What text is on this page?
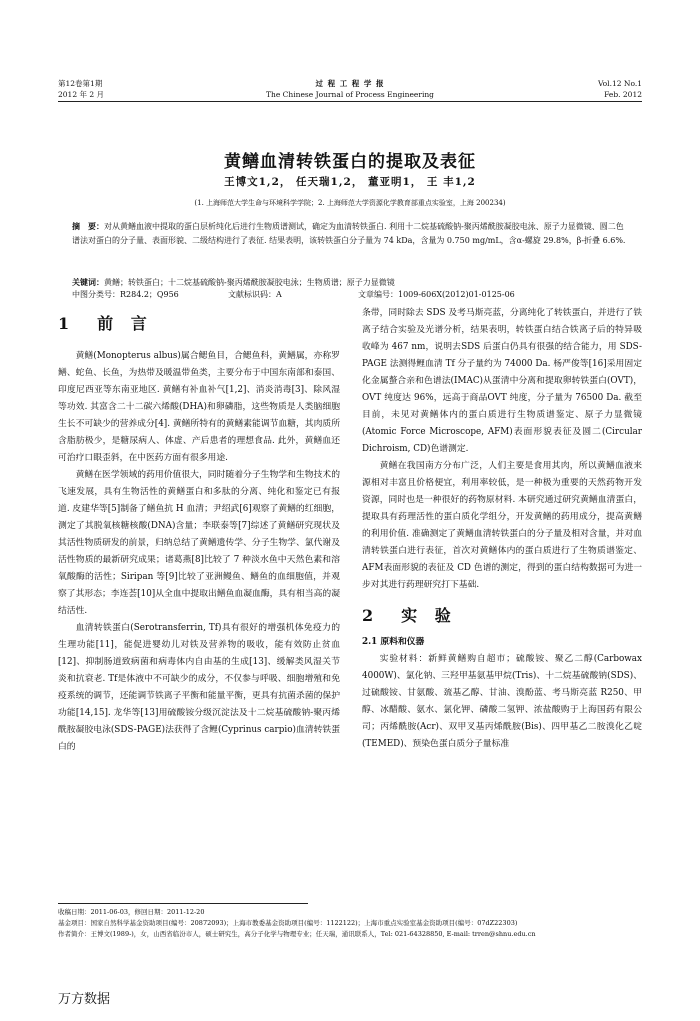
第12卷第1期
2012 年 2 月
过 程 工 程 学 报
The Chinese Journal of Process Engineering
Vol.12 No.1
Feb. 2012
黄鳝血清转铁蛋白的提取及表征
王博文1,2， 任天瑞1,2， 董亚明1， 王 丰1,2
(1. 上海师范大学生命与环境科学学院；2. 上海师范大学资源化学教育部重点实验室，上海 200234)
摘　要：对从黄鳝血液中提取的蛋白层析纯化后进行生物质谱测试，确定为血清转铁蛋白. 利用十二烷基硫酸钠-聚丙烯酰胺凝胶电泳、原子力显微镜、圆二色谱法对蛋白的分子量、表面形貌、二级结构进行了表征. 结果表明，该转铁蛋白分子量为 74 kDa，含量为 0.750 mg/mL，含α-螺旋 29.8%，β-折叠 6.6%.
关键词：黄鳝；转铁蛋白；十二烷基硫酸钠-聚丙烯酰胺凝胶电泳；生物质谱；原子力显微镜
中图分类号：R284.2；Q956	文献标识码：A	文章编号：1009-606X(2012)01-0125-06
1　前 言

黄鳝(Monopterus albus)属合鳃鱼目，合鳃鱼科，黄鳝属，亦称罗鳝、蛇鱼、长鱼，为热带及暖温带鱼类，主要分布于中国东南部和泰国、印度尼西亚等东南亚地区. 黄鳝有补血补气[1,2]、消炎消毒[3]、除风湿等功效. 其富含二十二碳六烯酸(DHA)和卵磷脂，这些物质是人类脑细胞生长不可缺少的营养成分[4]. 黄鳝所特有的黄鳝素能调节血糖，其肉质所含脂肪极少，是糖尿病人、体虚、产后患者的理想食品. 此外，黄鳝血还可治疗口眼歪斜，在中医药方面有很多用途.

黄鳝在医学领域的药用价值很大，同时随着分子生物学和生物技术的飞速发展，具有生物活性的黄鳝蛋白和多肽的分离、纯化和鉴定已有报道. 皮建华等[5]制备了鳝鱼抗 H 血清；尹绍武[6]观察了黄鳝的红细胞，测定了其脱氧核糖核酸(DNA)含量；李联泰等[7]综述了黄鳝研究现状及其活性物质研发的前景，归纳总结了黄鳝遗传学、分子生物学、氯代谢及活性物质的最新研究成果；诸葛燕[8]比较了 7 种淡水鱼中天然色素和溶氧酸酶的活性；Siripan 等[9]比较了亚洲鳗鱼、鳝鱼的血细胞值，并观察了其形态；李连荟[10]从全血中提取出鳝鱼血凝血酶，具有相当高的凝结活性.

血清转铁蛋白(Serotransferrin, Tf)具有很好的增强机体免疫力的生理功能[11]，能促进婴幼儿对铁及营养物的吸收，能有效防止贫血[12]、抑制肠道致病菌和病毒体内自由基的生成[13]、缓解类风湿关节炎和抗衰老. Tf是体液中不可缺少的成分，不仅参与呼吸、细胞增殖和免疫系统的调节，还能调节铁离子平衡和能量平衡，更具有抗菌杀菌的保护功能[14,15]. 龙华等[13]用硫酸铵分级沉淀法及十二烷基硫酸钠-聚丙烯酰胺凝胶电泳(SDS-PAGE)法获得了含鲤(Cyprinus carpio)血清转铁蛋白的

条带，同时除去 SDS 及考马斯亮蓝，分离纯化了转铁蛋白，并进行了铁离子结合实验及光谱分析，结果表明，转铁蛋白结合铁离子后的特异吸收峰为 467 nm，说明去SDS 后蛋白仍具有很强的结合能力，用 SDS-PAGE 法测得鲤血清 Tf 分子量约为 74000 Da. 杨严俊等[16]采用固定化金属螯合亲和色谱法(IMAC)从蛋清中分离和提取卵转铁蛋白(OVT)，OVT 纯度达 96%，远高于商品OVT 纯度，分子量为 76500 Da. 截至目前，未见对黄鳝体内的蛋白质进行生物质谱鉴定、原子力显微镜(Atomic Force Microscope, AFM)表面形貌表征及圆二(Circular Dichroism, CD)色谱测定.

黄鳝在我国南方分布广泛，人们主要是食用其肉，所以黄鳝血液来源相对丰富且价格便宜，利用率较低，是一种极为重要的天然药物开发资源，同时也是一种很好的药物原材料. 本研究通过研究黄鳝血清蛋白，提取具有药理活性的蛋白质化学组分，开发黄鳝的药用成分，提高黄鳝的利用价值. 准确测定了黄鳝血清转铁蛋白的分子量及相对含量，并对血清转铁蛋白进行表征，首次对黄鳝体内的蛋白质进行了生物质谱鉴定、AFM表面形貌的表征及 CD 色谱的测定，得到的蛋白结构数据可为进一步对其进行药理研究打下基础.

2　实 验
2.1 原料和仪器

实验材料：新鲜黄鳝购自超市；硫酸铵、聚乙二醇(Carbowax 4000W)、氯化钠、三羟甲基氨基甲烷(Tris)、十二烷基硫酸钠(SDS)、过硫酸铵、甘氨酸、巯基乙醇、甘油、溴酚蓝、考马斯亮蓝 R250、甲醇、冰醋酸、氨水、氯化钾、磷酸二氢钾、浓盐酸购于上海国药有限公司；丙烯酰胺(Acr)、双甲叉基丙烯酰胺(Bis)、四甲基乙二胺溴化乙啶(TEMED)、预染色蛋白质分子量标准

收稿日期：2011-06-03，修回日期：2011-12-20
基金项目：国家自然科学基金资助项目(编号：20872093)；上海市教委基金资助项目(编号：1122122)；上海市重点实验室基金资助项目(编号：07dZ22303)
作者简介：王博文(1989-)，女，山西省临汾市人，硕士研究生，高分子化学与物理专业；任天瑞，通讯联系人，Tel: 021-64328850, E-mail: trren@shnu.edu.cn
万方数据
